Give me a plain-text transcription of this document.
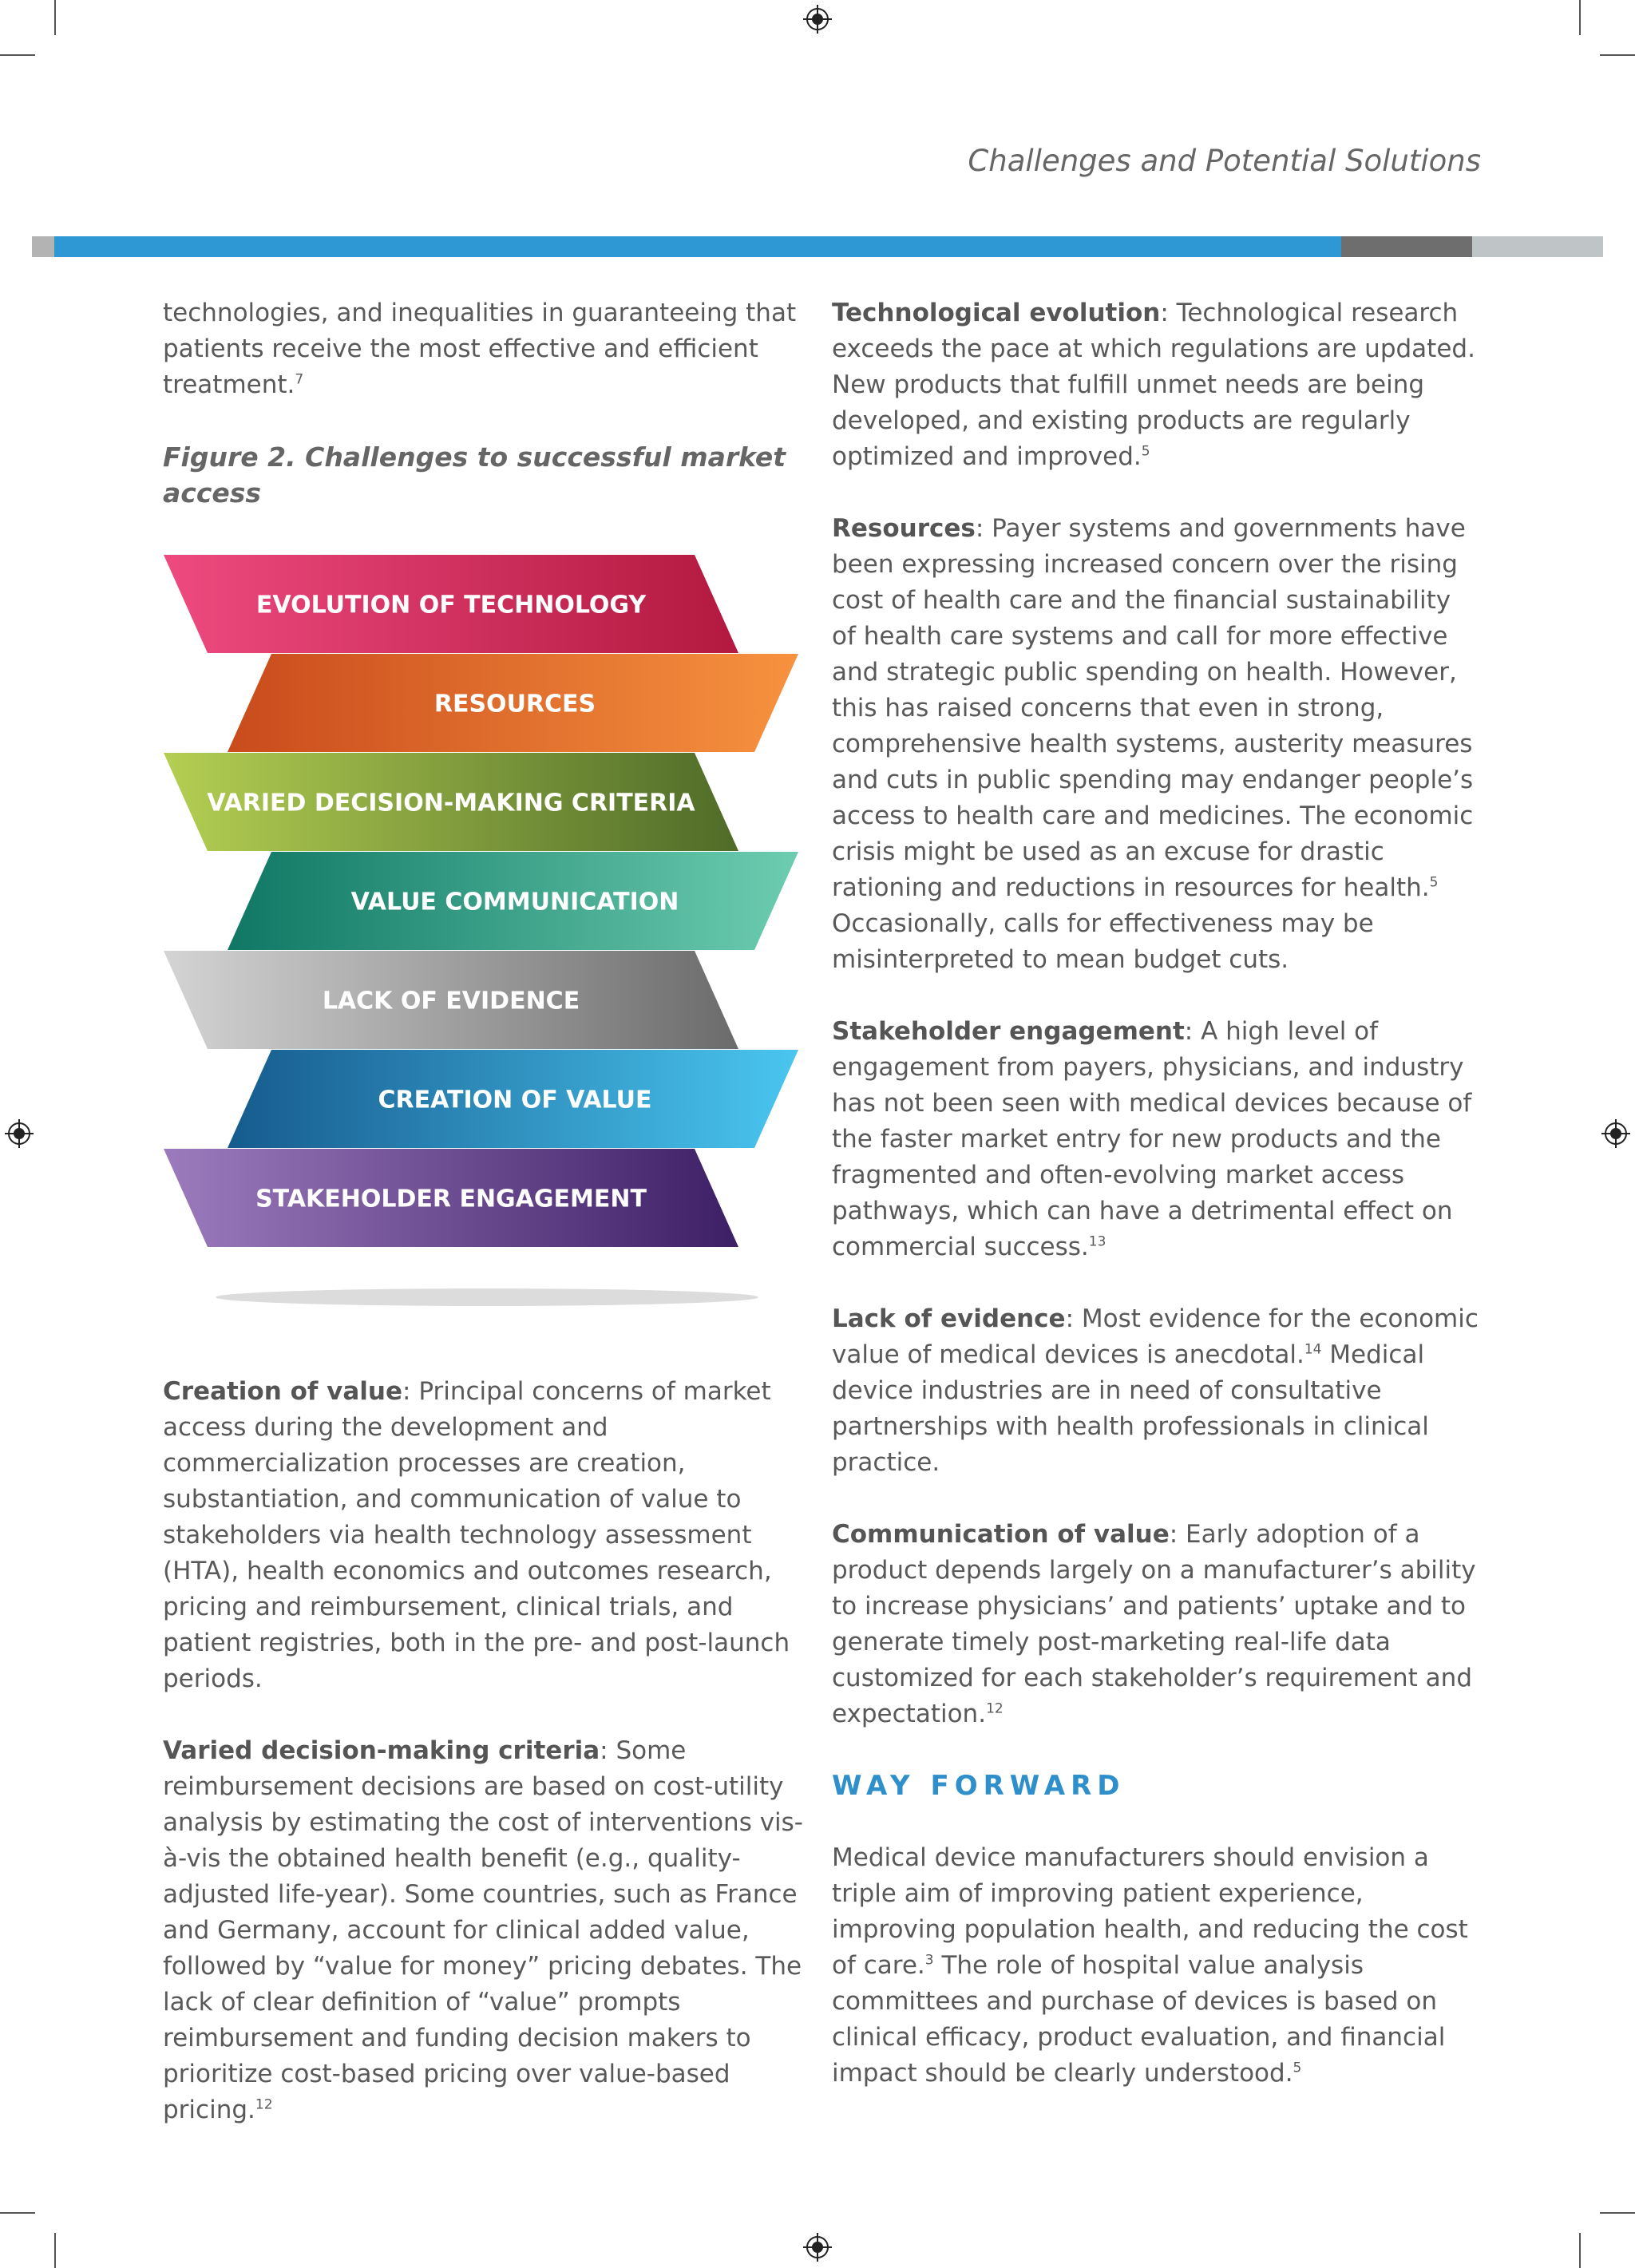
Challenges and Potential Solutions

technologies, and inequalities in guaranteeing that patients receive the most effective and efficient treatment.$^7$

Figure 2. Challenges to successful market access

EVOLUTION OF TECHNOLOGY
RESOURCES
VARIED DECISION-MAKING CRITERIA
VALUE COMMUNICATION
LACK OF EVIDENCE
CREATION OF VALUE
STAKEHOLDER ENGAGEMENT

Creation of value: Principal concerns of market access during the development and commercialization processes are creation, substantiation, and communication of value to stakeholders via health technology assessment (HTA), health economics and outcomes research, pricing and reimbursement, clinical trials, and patient registries, both in the pre- and post-launch periods.

Varied decision-making criteria: Some reimbursement decisions are based on cost-utility analysis by estimating the cost of interventions vis-à-vis the obtained health benefit (e.g., quality-adjusted life-year). Some countries, such as France and Germany, account for clinical added value, followed by “value for money” pricing debates. The lack of clear definition of “value” prompts reimbursement and funding decision makers to prioritize cost-based pricing over value-based pricing.$^{12}$

Technological evolution: Technological research exceeds the pace at which regulations are updated. New products that fulfill unmet needs are being developed, and existing products are regularly optimized and improved.$^5$

Resources: Payer systems and governments have been expressing increased concern over the rising cost of health care and the financial sustainability of health care systems and call for more effective and strategic public spending on health. However, this has raised concerns that even in strong, comprehensive health systems, austerity measures and cuts in public spending may endanger people’s access to health care and medicines. The economic crisis might be used as an excuse for drastic rationing and reductions in resources for health.$^5$ Occasionally, calls for effectiveness may be misinterpreted to mean budget cuts.

Stakeholder engagement: A high level of engagement from payers, physicians, and industry has not been seen with medical devices because of the faster market entry for new products and the fragmented and often-evolving market access pathways, which can have a detrimental effect on commercial success.$^{13}$

Lack of evidence: Most evidence for the economic value of medical devices is anecdotal.$^{14}$ Medical device industries are in need of consultative partnerships with health professionals in clinical practice.

Communication of value: Early adoption of a product depends largely on a manufacturer’s ability to increase physicians’ and patients’ uptake and to generate timely post-marketing real-life data customized for each stakeholder’s requirement and expectation.$^{12}$

WAY FORWARD

Medical device manufacturers should envision a triple aim of improving patient experience, improving population health, and reducing the cost of care.$^3$ The role of hospital value analysis committees and purchase of devices is based on clinical efficacy, product evaluation, and financial impact should be clearly understood.$^5$
